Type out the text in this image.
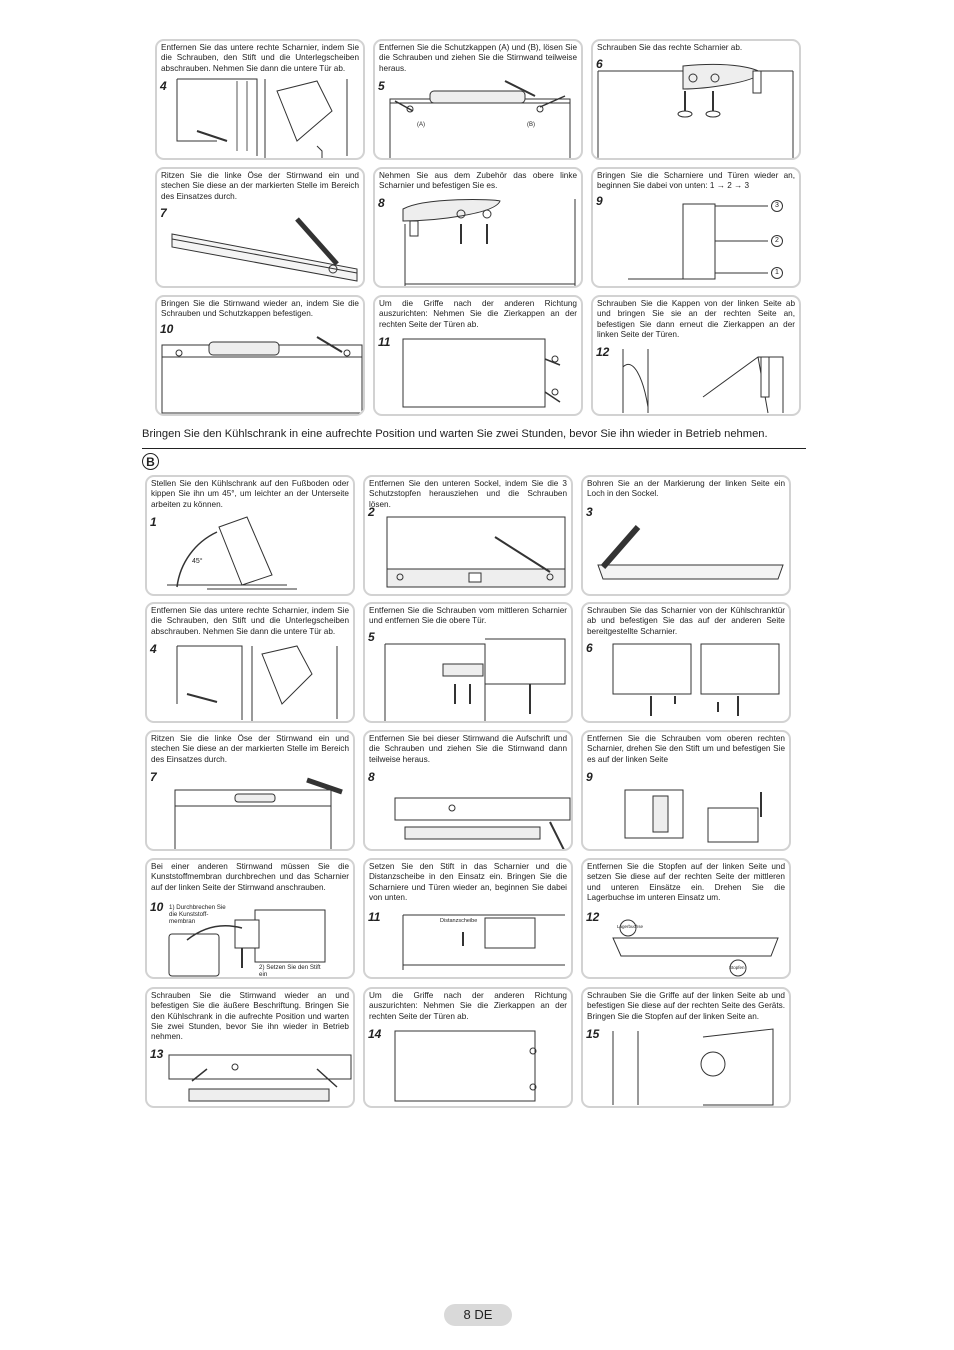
Entfernen Sie das untere rechte Scharnier, indem Sie die Schrauben, den Stift und die Unterlegscheiben abschrauben. Nehmen Sie dann die untere Tür ab.
4
Entfernen Sie die Schutzkappen (A) und (B), lösen Sie die Schrauben und ziehen Sie die Stirnwand teilweise heraus.
5
(A)	(B)
Schrauben Sie das rechte Scharnier ab.
6
Ritzen Sie die linke Öse der Stirnwand ein und stechen Sie diese an der markierten Stelle im Bereich des Einsatzes durch.
7
Nehmen Sie aus dem Zubehör das obere linke Scharnier und befestigen Sie es.
8
Bringen Sie die Scharniere und Türen wieder an, beginnen Sie dabei von unten: 1 → 2 → 3
9	3
2
1
Bringen Sie die Stirnwand wieder an, indem Sie die Schrauben und Schutzkappen befestigen.
10
Um die Griffe nach der anderen Richtung auszurichten: Nehmen Sie die Zierkappen an der rechten Seite der Türen ab.
11
Schrauben Sie die Kappen von der linken Seite ab und bringen Sie sie an der rechten Seite an, befestigen Sie dann erneut die Zierkappen an der linken Seite der Türen.
12
Bringen Sie den Kühlschrank in eine aufrechte Position und warten Sie zwei Stunden, bevor Sie ihn wieder in Betrieb nehmen.
B
Stellen Sie den Kühlschrank auf den Fußboden oder kippen Sie ihn um 45°, um leichter an der Unterseite arbeiten zu können.
1
45°
Entfernen Sie den unteren Sockel, indem Sie die 3 Schutzstopfen herausziehen und die Schrauben lösen.
2
Bohren Sie an der Markierung der linken Seite ein Loch in den Sockel.
3
Entfernen Sie das untere rechte Scharnier, indem Sie die Schrauben, den Stift und die Unterlegscheiben abschrauben. Nehmen Sie dann die untere Tür ab.
4
Entfernen Sie die Schrauben vom mittleren Scharnier und entfernen Sie die obere Tür.
5
Schrauben Sie das Scharnier von der Kühlschranktür ab und befestigen Sie das auf der anderen Seite bereitgestellte Scharnier.
6
Ritzen Sie die linke Öse der Stirnwand ein und stechen Sie diese an der markierten Stelle im Bereich des Einsatzes durch.
7
Entfernen Sie bei dieser Stirnwand die Aufschrift und die Schrauben und ziehen Sie die Stirnwand dann teilweise heraus.
8
Entfernen Sie die Schrauben vom oberen rechten Scharnier, drehen Sie den Stift um und befestigen Sie es auf der linken Seite
9
Bei einer anderen Stirnwand müssen Sie die Kunststoffmembran durchbrechen und das Scharnier auf der linken Seite der Stirnwand anschrauben.
10 1) Durchbrechen Sie die Kunststoff-membran
2) Setzen Sie den Stift ein
Setzen Sie den Stift in das Scharnier und die Distanzscheibe in den Einsatz ein. Bringen Sie die Scharniere und Türen wieder an, beginnen Sie dabei von unten.
11	Distanzscheibe
Entfernen Sie die Stopfen auf der linken Seite und setzen Sie diese auf der rechten Seite der mittleren und unteren Einsätze ein. Drehen Sie die Lagerbuchse im unteren Einsatz um.
12
Lagerbuchse
Stopfen
Schrauben Sie die Stirnwand wieder an und befestigen Sie die äußere Beschriftung. Bringen Sie den Kühlschrank in die aufrechte Position und warten Sie zwei Stunden, bevor Sie ihn wieder in Betrieb nehmen.
13
Um die Griffe nach der anderen Richtung auszurichten: Nehmen Sie die Zierkappen an der rechten Seite der Türen ab.
14
Schrauben Sie die Griffe auf der linken Seite ab und befestigen Sie diese auf der rechten Seite des Geräts. Bringen Sie die Stopfen auf der linken Seite an.
15
8 DE
